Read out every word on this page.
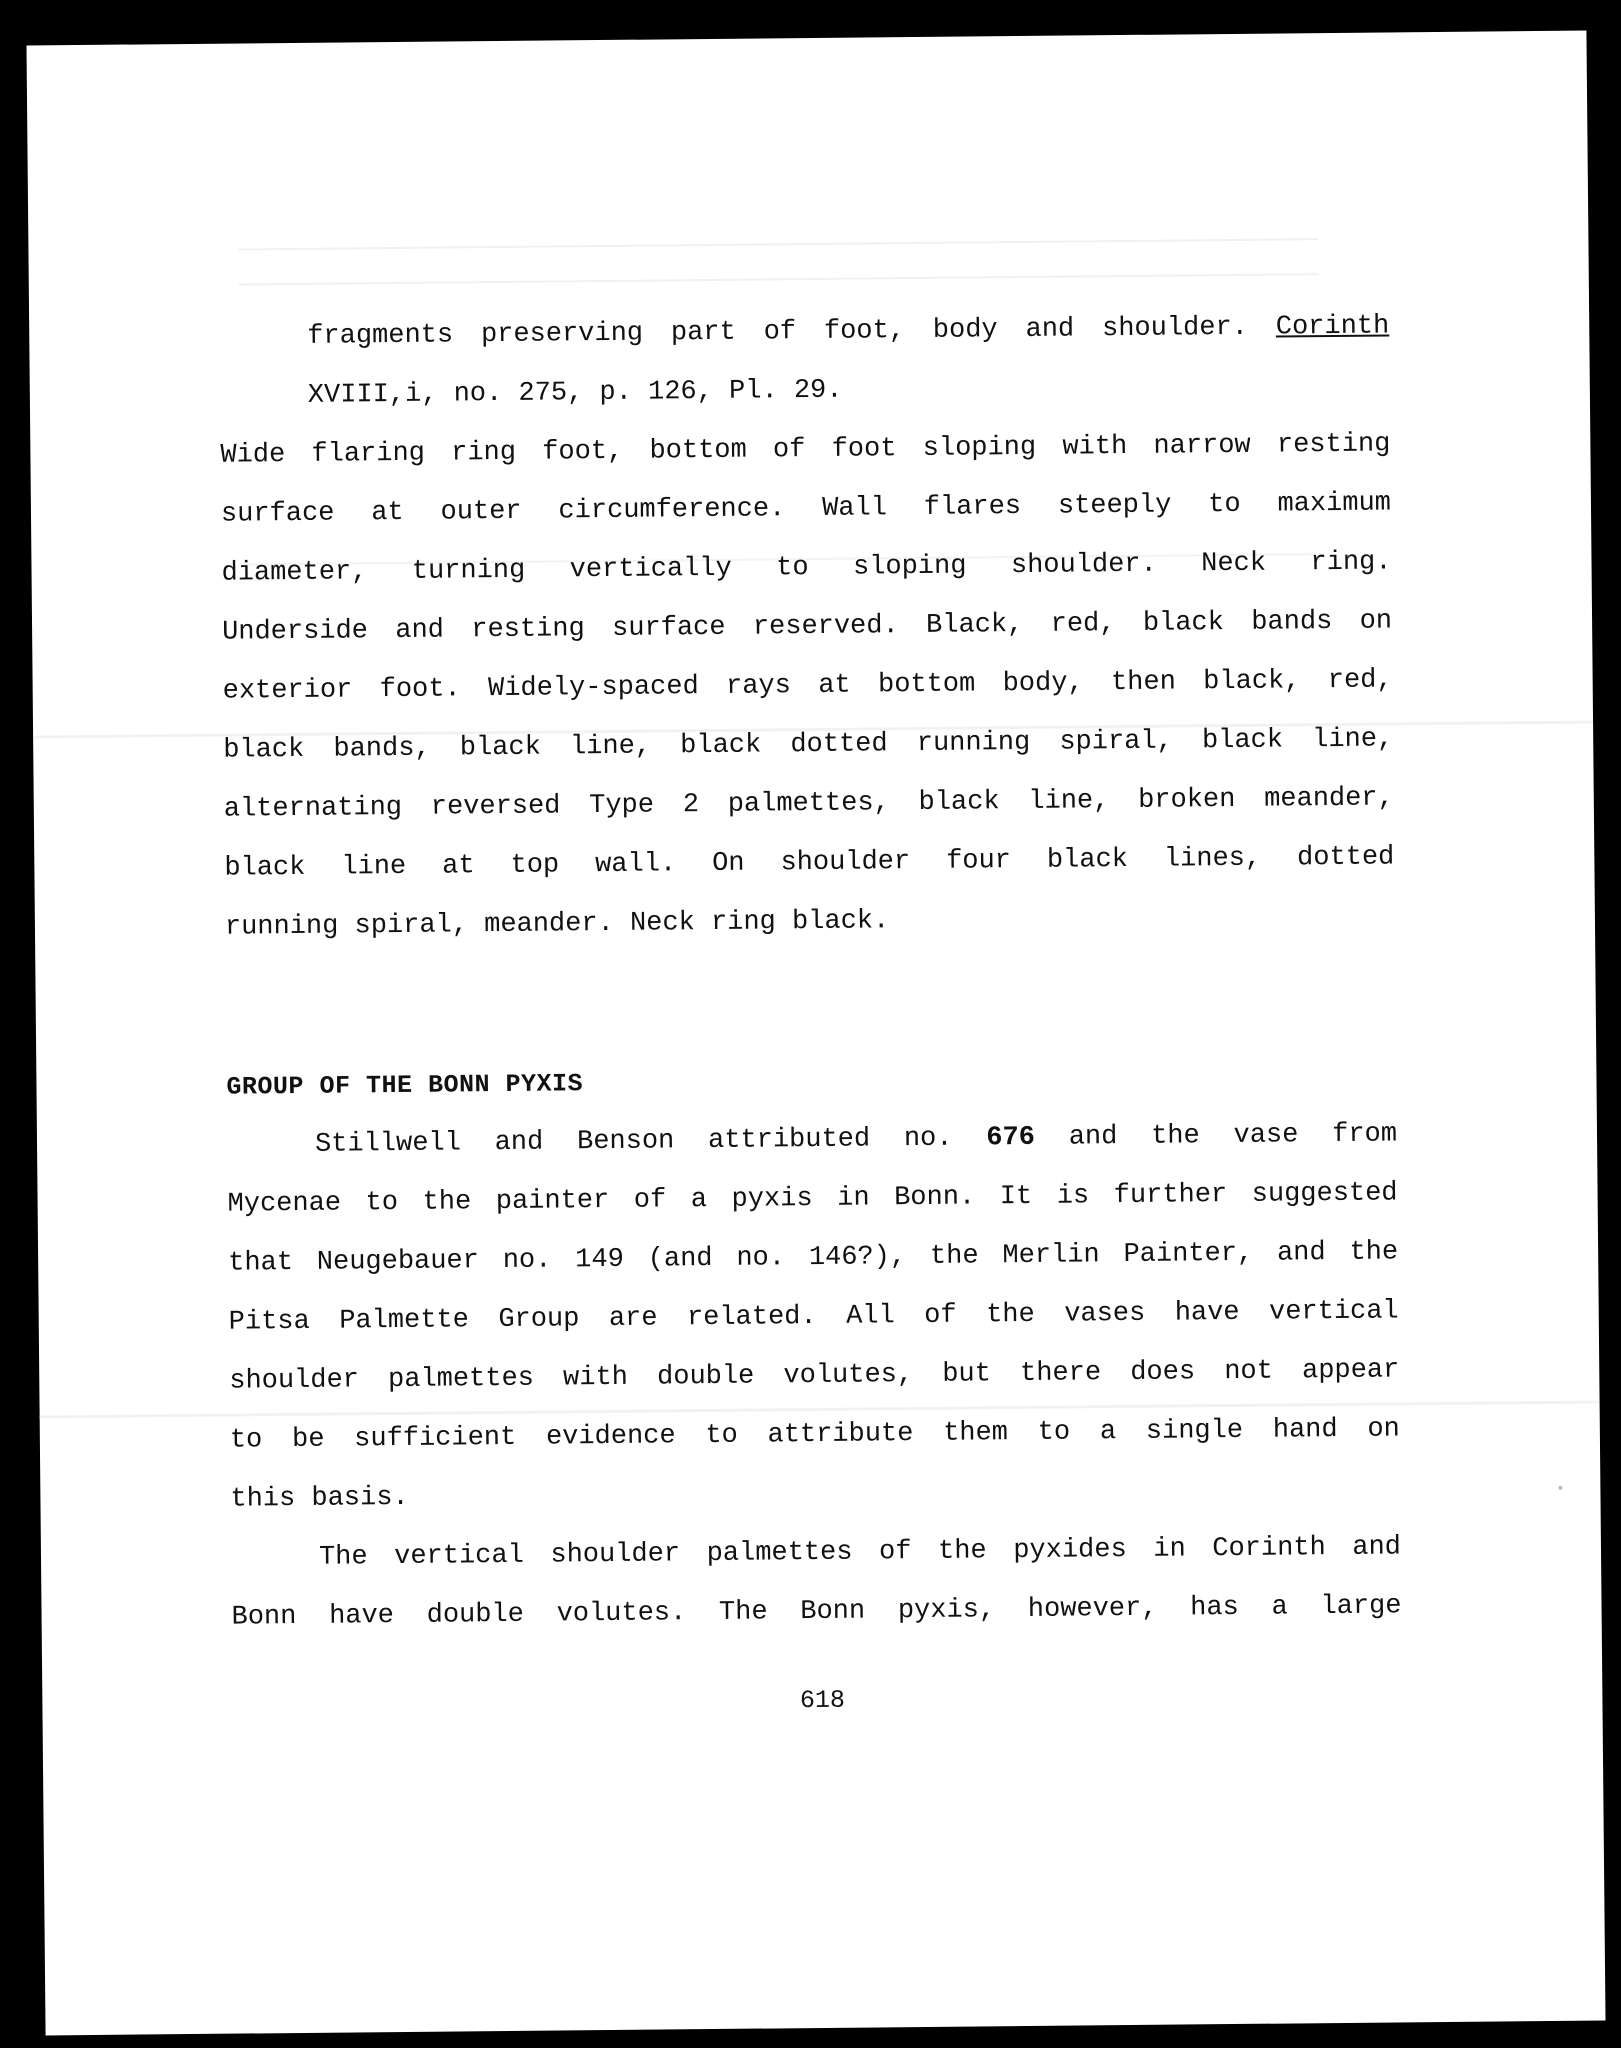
fragments preserving part of foot, body and shoulder. Corinth
XVIII,i, no. 275, p. 126, Pl. 29.
Wide flaring ring foot, bottom of foot sloping with narrow resting
surface at outer circumference. Wall flares steeply to maximum
diameter, turning vertically to sloping shoulder. Neck ring.
Underside and resting surface reserved. Black, red, black bands on
exterior foot. Widely-spaced rays at bottom body, then black, red,
black bands, black line, black dotted running spiral, black line,
alternating reversed Type 2 palmettes, black line, broken meander,
black line at top wall. On shoulder four black lines, dotted
running spiral, meander. Neck ring black.
GROUP OF THE BONN PYXIS
Stillwell and Benson attributed no. 676 and the vase from
Mycenae to the painter of a pyxis in Bonn. It is further suggested
that Neugebauer no. 149 (and no. 146?), the Merlin Painter, and the
Pitsa Palmette Group are related. All of the vases have vertical
shoulder palmettes with double volutes, but there does not appear
to be sufficient evidence to attribute them to a single hand on
this basis.
The vertical shoulder palmettes of the pyxides in Corinth and
Bonn have double volutes. The Bonn pyxis, however, has a large
618
